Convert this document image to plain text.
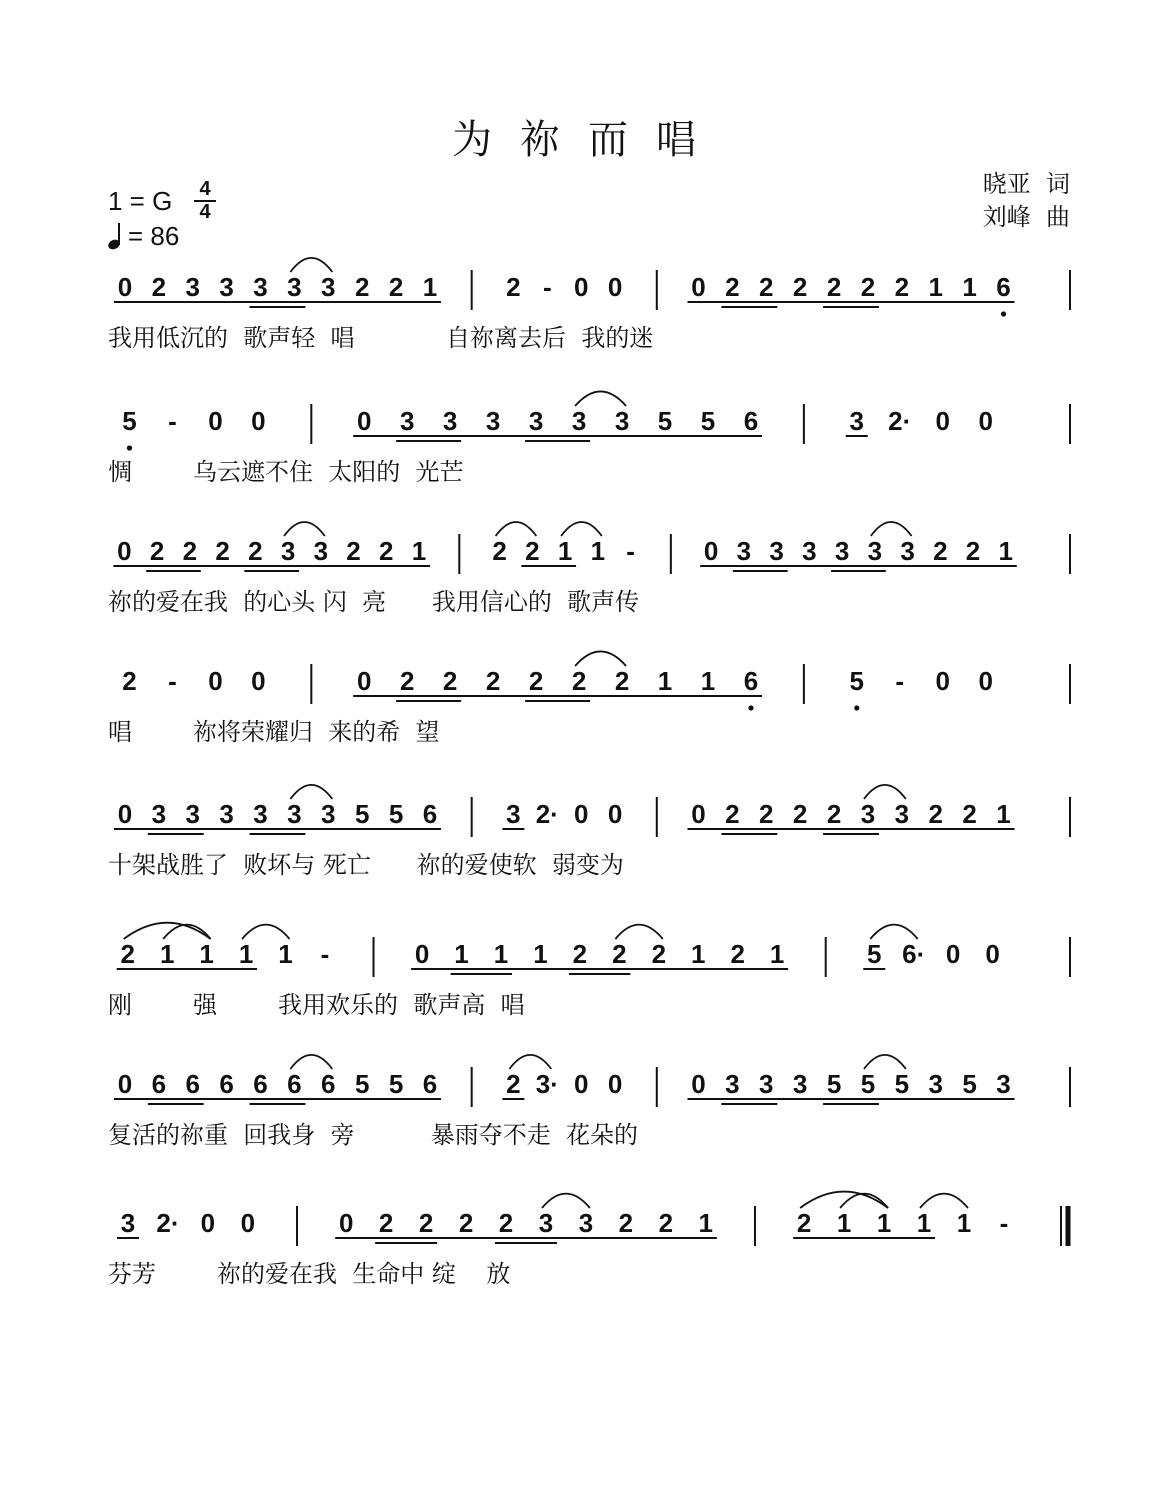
为祢而唱
晓亚  词
刘峰  曲
1 = G 4
4
= 86
0 2 3 3 3 3 3 2 2 1	2 - 0 0	0 2 2 2 2 2 2 1 1 6
我用低沉的  歌声轻  唱            自祢离去后  我的迷
5 - 0 0	0 3 3 3 3 3 3 5 5 6	3 2· 0 0
惆        乌云遮不住  太阳的  光芒
0 2 2 2 2 3 3 2 2 1	2 2 1 1 -	0 3 3 3 3 3 3 2 2 1
祢的爱在我  的心头 闪  亮      我用信心的  歌声传
2 - 0 0	0 2 2 2 2 2 2 1 1 6	5 - 0 0
唱        祢将荣耀归  来的希  望
0 3 3 3 3 3 3 5 5 6	3 2· 0 0	0 2 2 2 2 3 3 2 2 1
十架战胜了  败坏与 死亡      祢的爱使软  弱变为
2 1 1 1 1 -	0 1 1 1 2 2 2 1 2 1	5 6· 0 0
刚        强        我用欢乐的  歌声高  唱
0 6 6 6 6 6 6 5 5 6	2 3· 0 0	0 3 3 3 5 5 5 3 5 3
复活的祢重  回我身  旁          暴雨夺不走  花朵的
3 2· 0 0	0 2 2 2 2 3 3 2 2 1	2 1 1 1 1 -
芬芳        祢的爱在我  生命中 绽    放
